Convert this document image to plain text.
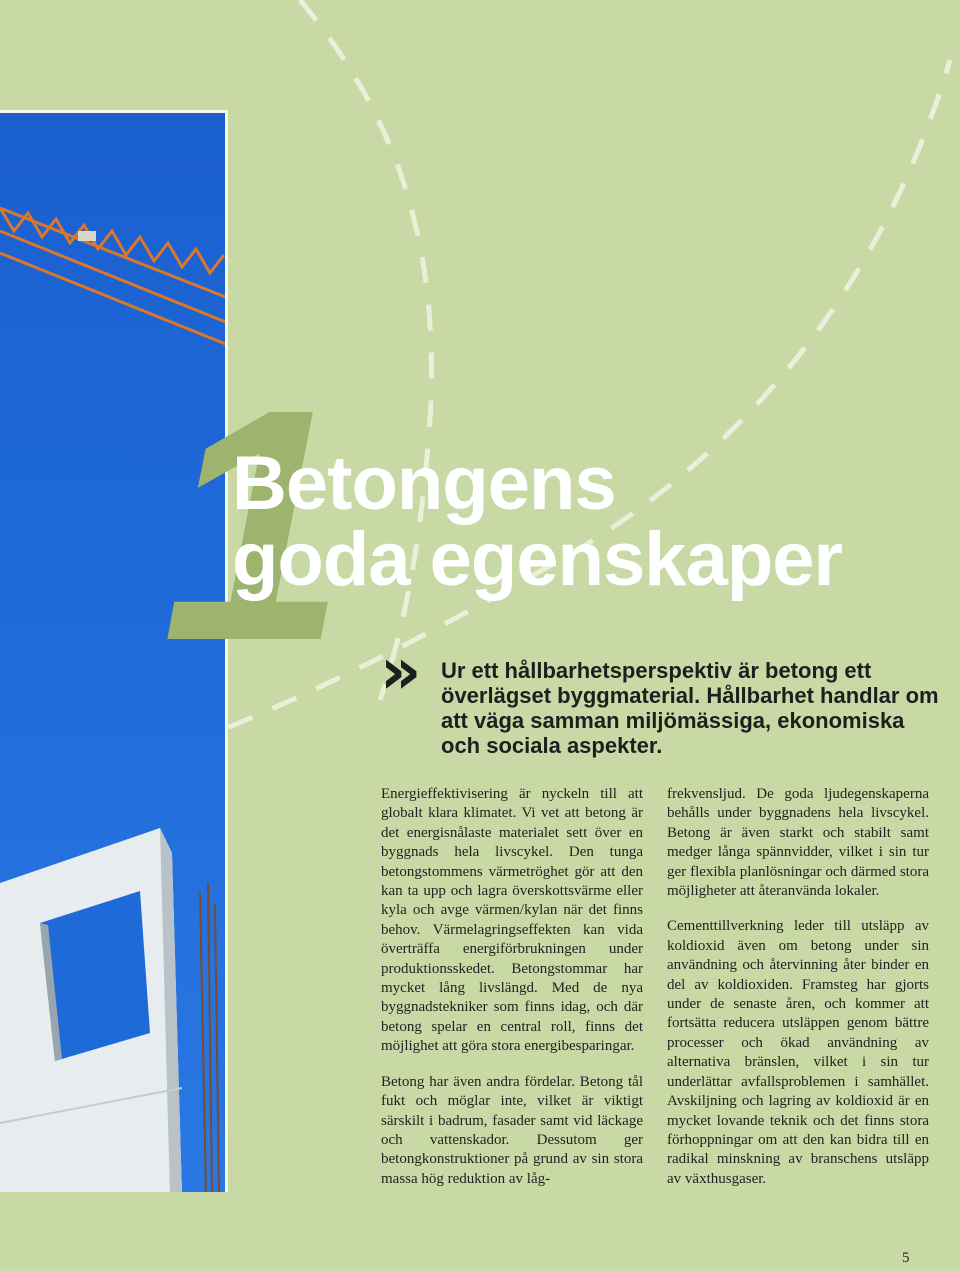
1
Betongens
goda egenskaper
» Ur ett hållbarhetsperspektiv är betong ett överlägset byggmaterial. Hållbarhet handlar om att väga samman miljömässiga, ekonomiska och sociala aspekter.

Energieffektivisering är nyckeln till att globalt klara klimatet. Vi vet att betong är det energisnålaste materialet sett över en byggnads hela livscykel. Den tunga betongstommens värmetröghet gör att den kan ta upp och lagra överskottsvärme eller kyla och avge värmen/kylan när det finns behov. Värmelagringseffekten kan vida överträffa energiförbrukningen under produktionsskedet. Betongstommar har mycket lång livslängd. Med de nya byggnadstekniker som finns idag, och där betong spelar en central roll, finns det möjlighet att göra stora energibesparingar.

Betong har även andra fördelar. Betong tål fukt och möglar inte, vilket är viktigt särskilt i badrum, fasader samt vid läckage och vattenskador. Dessutom ger betongkonstruktioner på grund av sin stora massa hög reduktion av låg-

frekvensljud. De goda ljudegenskaperna behålls under byggnadens hela livscykel. Betong är även starkt och stabilt samt medger långa spännvidder, vilket i sin tur ger flexibla planlösningar och därmed stora möjligheter att återanvända lokaler.

Cementtillverkning leder till utsläpp av koldioxid även om betong under sin användning och återvinning åter binder en del av koldioxiden. Framsteg har gjorts under de senaste åren, och kommer att fortsätta reducera utsläppen genom bättre processer och ökad användning av alternativa bränslen, vilket i sin tur underlättar avfallsproblemen i samhället. Avskiljning och lagring av koldioxid är en mycket lovande teknik och det finns stora förhoppningar om att den kan bidra till en radikal minskning av branschens utsläpp av växthusgaser.

5
